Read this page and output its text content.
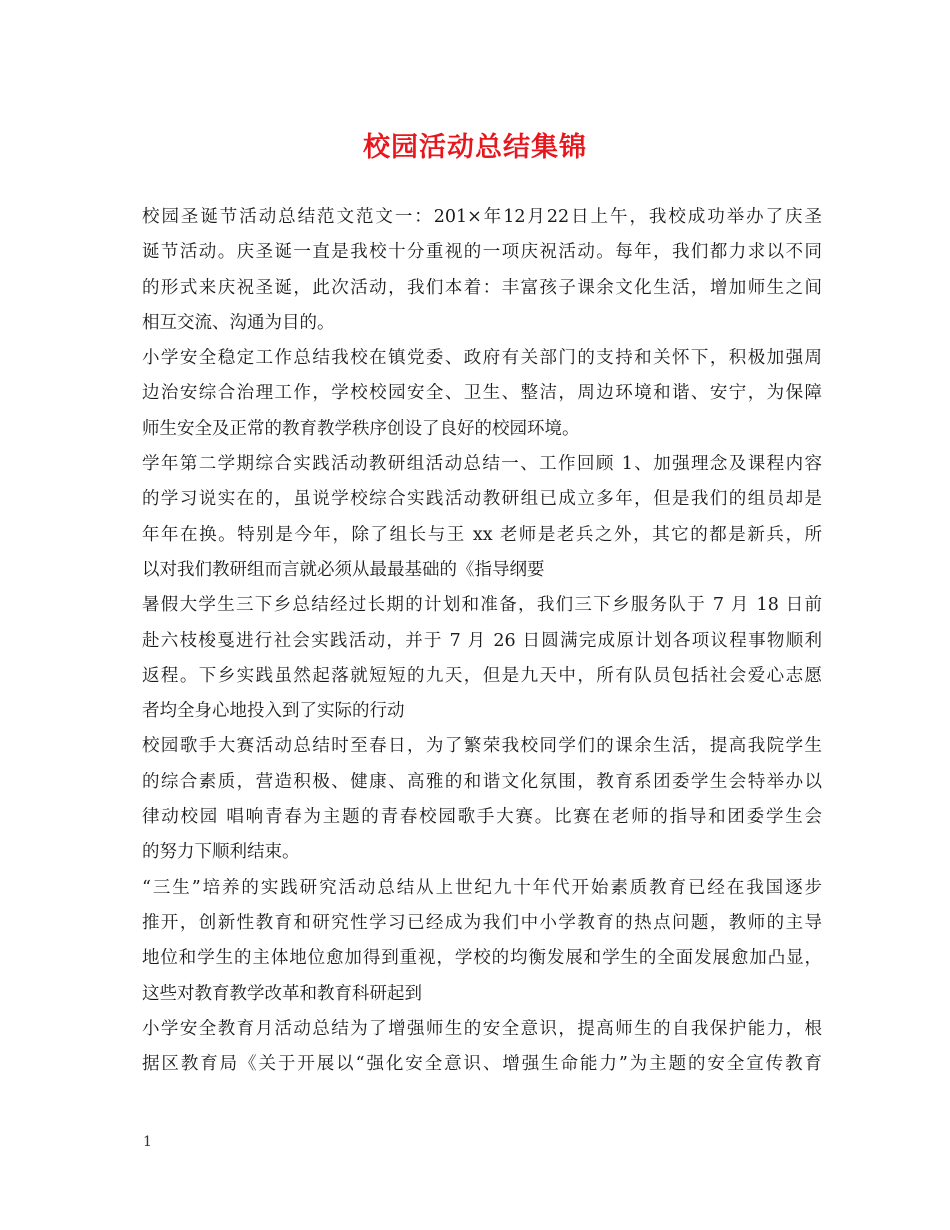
校园活动总结集锦
校园圣诞节活动总结范文范文一：201×年12月22日上午，我校成功举办了庆圣
诞节活动。庆圣诞一直是我校十分重视的一项庆祝活动。每年，我们都力求以不同
的形式来庆祝圣诞，此次活动，我们本着：丰富孩子课余文化生活，增加师生之间
相互交流、沟通为目的。
小学安全稳定工作总结我校在镇党委、政府有关部门的支持和关怀下，积极加强周
边治安综合治理工作，学校校园安全、卫生、整洁，周边环境和谐、安宁，为保障
师生安全及正常的教育教学秩序创设了良好的校园环境。
学年第二学期综合实践活动教研组活动总结一、工作回顾 1、加强理念及课程内容
的学习说实在的，虽说学校综合实践活动教研组已成立多年，但是我们的组员却是
年年在换。特别是今年，除了组长与王 xx 老师是老兵之外，其它的都是新兵，所
以对我们教研组而言就必须从最最基础的《指导纲要
暑假大学生三下乡总结经过长期的计划和准备，我们三下乡服务队于 7 月 18 日前
赴六枝梭戛进行社会实践活动，并于 7 月 26 日圆满完成原计划各项议程事物顺利
返程。下乡实践虽然起落就短短的九天，但是九天中，所有队员包括社会爱心志愿
者均全身心地投入到了实际的行动
校园歌手大赛活动总结时至春日，为了繁荣我校同学们的课余生活，提高我院学生
的综合素质，营造积极、健康、高雅的和谐文化氛围，教育系团委学生会特举办以
律动校园 唱响青春为主题的青春校园歌手大赛。比赛在老师的指导和团委学生会
的努力下顺利结束。
“三生”培养的实践研究活动总结从上世纪九十年代开始素质教育已经在我国逐步
推开，创新性教育和研究性学习已经成为我们中小学教育的热点问题，教师的主导
地位和学生的主体地位愈加得到重视，学校的均衡发展和学生的全面发展愈加凸显，
这些对教育教学改革和教育科研起到
小学安全教育月活动总结为了增强师生的安全意识，提高师生的自我保护能力，根
据区教育局《关于开展以“强化安全意识、增强生命能力”为主题的安全宣传教育
1
